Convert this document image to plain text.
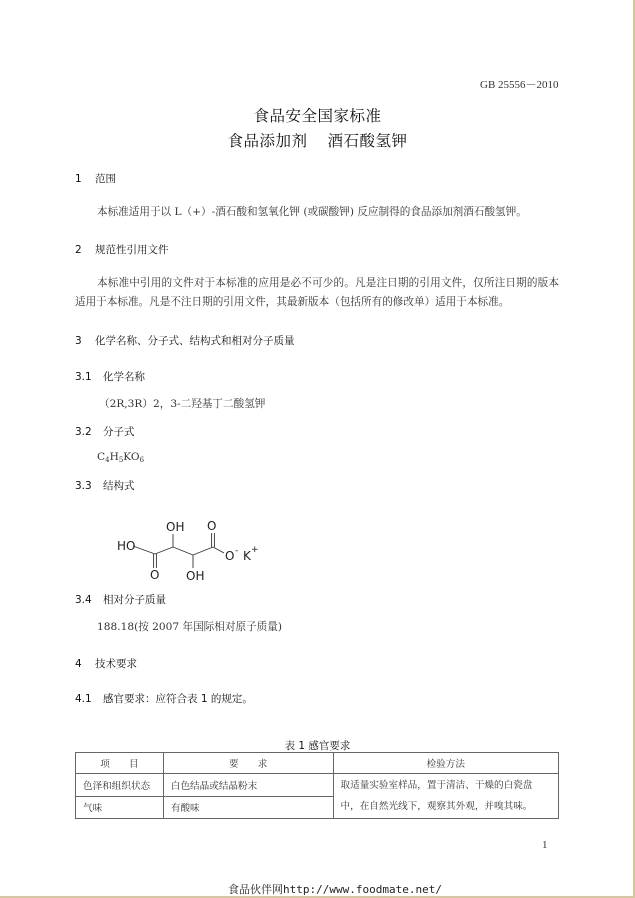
GB 25556－2010
食品安全国家标准
食品添加剂 酒石酸氢钾
1 范围
本标准适用于以 L（+）-酒石酸和氢氧化钾 (或碳酸钾) 反应制得的食品添加剂酒石酸氢钾。
2 规范性引用文件
本标准中引用的文件对于本标准的应用是必不可少的。凡是注日期的引用文件，仅所注日期的版本适用于本标准。凡是不注日期的引用文件，其最新版本（包括所有的修改单）适用于本标准。
3 化学名称、分子式、结构式和相对分子质量
3.1 化学名称
（2R,3R）2，3-二羟基丁二酸氢钾
3.2 分子式
$C_4H_5KO_6$
3.3 结构式
HO
OH O
O OH
O - K +
3.4 相对分子质量
188.18(按 2007 年国际相对原子质量)
4 技术要求
4.1 感官要求：应符合表 1 的规定。
表 1 感官要求
项　　目	要　　求	检验方法
色泽和组织状态	白色结晶或结晶粉末	取适量实验室样品，置于清洁、干燥的白瓷盘中，在自然光线下，观察其外观，并嗅其味。
气味	有酸味	
1
食品伙伴网http://www.foodmate.net/
